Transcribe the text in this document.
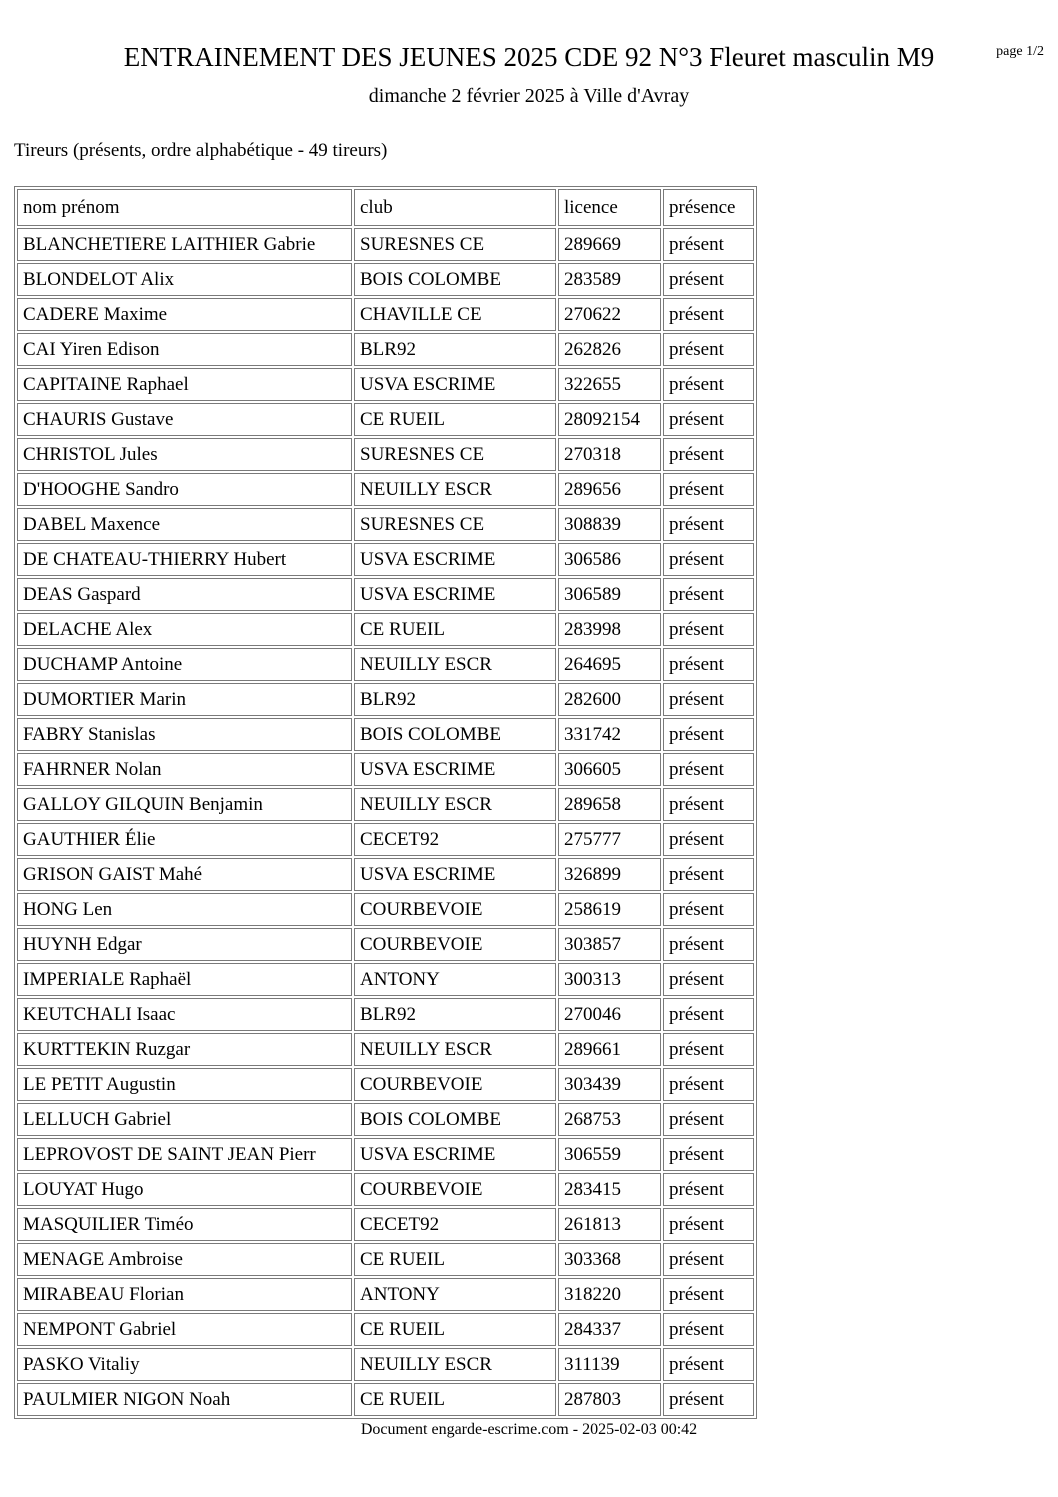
page 1/2
ENTRAINEMENT DES JEUNES 2025 CDE 92 N°3 Fleuret masculin M9
dimanche 2 février 2025 à Ville d'Avray
Tireurs (présents, ordre alphabétique - 49 tireurs)
nom prénom	club	licence	présence
BLANCHETIERE LAITHIER Gabrie	SURESNES CE	289669	présent
BLONDELOT Alix	BOIS COLOMBE	283589	présent
CADERE Maxime	CHAVILLE CE	270622	présent
CAI Yiren Edison	BLR92	262826	présent
CAPITAINE Raphael	USVA ESCRIME	322655	présent
CHAURIS Gustave	CE RUEIL	28092154	présent
CHRISTOL Jules	SURESNES CE	270318	présent
D'HOOGHE Sandro	NEUILLY ESCR	289656	présent
DABEL Maxence	SURESNES CE	308839	présent
DE CHATEAU-THIERRY Hubert	USVA ESCRIME	306586	présent
DEAS Gaspard	USVA ESCRIME	306589	présent
DELACHE Alex	CE RUEIL	283998	présent
DUCHAMP Antoine	NEUILLY ESCR	264695	présent
DUMORTIER Marin	BLR92	282600	présent
FABRY Stanislas	BOIS COLOMBE	331742	présent
FAHRNER Nolan	USVA ESCRIME	306605	présent
GALLOY GILQUIN Benjamin	NEUILLY ESCR	289658	présent
GAUTHIER Élie	CECET92	275777	présent
GRISON GAIST Mahé	USVA ESCRIME	326899	présent
HONG Len	COURBEVOIE	258619	présent
HUYNH Edgar	COURBEVOIE	303857	présent
IMPERIALE Raphaël	ANTONY	300313	présent
KEUTCHALI Isaac	BLR92	270046	présent
KURTTEKIN Ruzgar	NEUILLY ESCR	289661	présent
LE PETIT Augustin	COURBEVOIE	303439	présent
LELLUCH Gabriel	BOIS COLOMBE	268753	présent
LEPROVOST DE SAINT JEAN Pierr	USVA ESCRIME	306559	présent
LOUYAT Hugo	COURBEVOIE	283415	présent
MASQUILIER Timéo	CECET92	261813	présent
MENAGE Ambroise	CE RUEIL	303368	présent
MIRABEAU Florian	ANTONY	318220	présent
NEMPONT Gabriel	CE RUEIL	284337	présent
PASKO Vitaliy	NEUILLY ESCR	311139	présent
PAULMIER NIGON Noah	CE RUEIL	287803	présent
Document engarde-escrime.com - 2025-02-03 00:42
